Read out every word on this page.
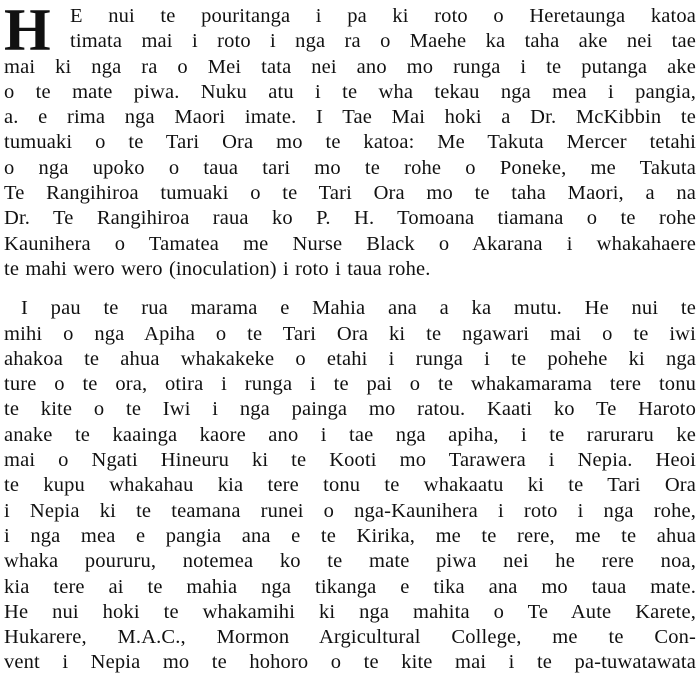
H E nui te pouritanga i pa ki roto o Heretaunga katoa
timata mai i roto i nga ra o Maehe ka taha ake nei tae
mai ki nga ra o Mei tata nei ano mo runga i te putanga ake
o te mate piwa. Nuku atu i te wha tekau nga mea i pangia,
a. e rima nga Maori imate. I Tae Mai hoki a Dr. McKibbin te
tumuaki o te Tari Ora mo te katoa: Me Takuta Mercer tetahi
o nga upoko o taua tari mo te rohe o Poneke, me Takuta
Te Rangihiroa tumuaki o te Tari Ora mo te taha Maori, a na
Dr. Te Rangihiroa raua ko P. H. Tomoana tiamana o te rohe
Kaunihera o Tamatea me Nurse Black o Akarana i whakahaere
te mahi wero wero (inoculation) i roto i taua rohe.
I pau te rua marama e Mahia ana a ka mutu. He nui te
mihi o nga Apiha o te Tari Ora ki te ngawari mai o te iwi
ahakoa te ahua whakakeke o etahi i runga i te pohehe ki nga
ture o te ora, otira i runga i te pai o te whakamarama tere tonu
te kite o te Iwi i nga painga mo ratou. Kaati ko Te Haroto
anake te kaainga kaore ano i tae nga apiha, i te raruraru ke
mai o Ngati Hineuru ki te Kooti mo Tarawera i Nepia. Heoi
te kupu whakahau kia tere tonu te whakaatu ki te Tari Ora
i Nepia ki te teamana runei o nga-Kaunihera i roto i nga rohe,
i nga mea e pangia ana e te Kirika, me te rere, me te ahua
whaka poururu, notemea ko te mate piwa nei he rere noa,
kia tere ai te mahia nga tikanga e tika ana mo taua mate.
He nui hoki te whakamihi ki nga mahita o Te Aute Karete,
Hukarere, M.A.C., Mormon Argicultural College, me te Con-
vent i Nepia mo te hohoro o te kite mai i te pa-tuwatawata
